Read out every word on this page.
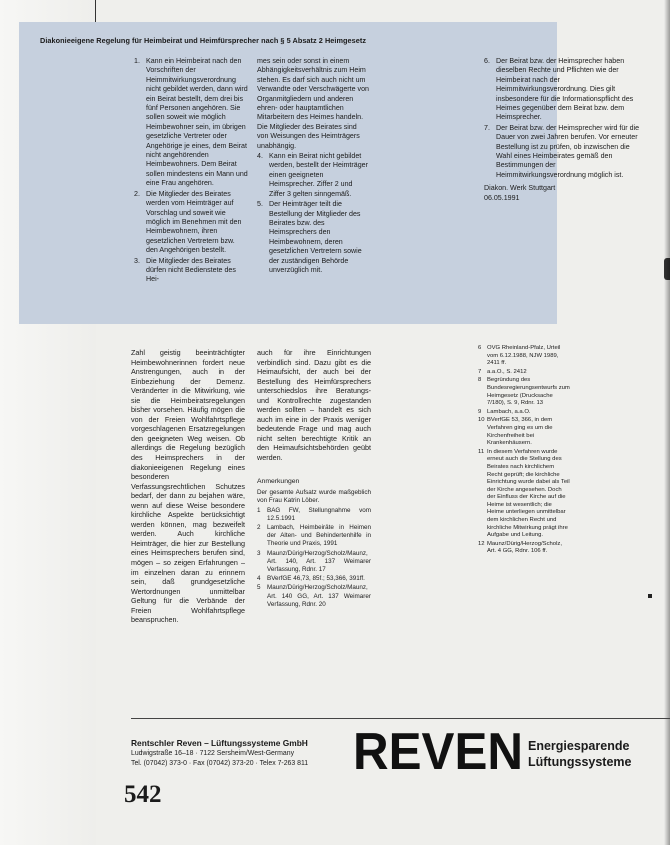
Diakonieeigene Regelung für Heimbeirat und Heimfürsprecher nach § 5 Absatz 2 Heimgesetz
1. Kann ein Heimbeirat nach den Vorschriften der Heimmitwirkungsverordnung nicht gebildet werden, dann wird ein Beirat bestellt, dem drei bis fünf Personen angehören. Sie sollen soweit wie möglich Heimbewohner sein, im übrigen gesetzliche Vertreter oder Angehörige je eines, dem Beirat nicht angehörenden Heimbewohners. Dem Beirat sollen mindestens ein Mann und eine Frau angehören.
2. Die Mitglieder des Beirates werden vom Heimträger auf Vorschlag und soweit wie möglich im Benehmen mit den Heimbewohnern, ihren gesetzlichen Vertretern bzw. den Angehörigen bestellt.
3. Die Mitglieder des Beirates dürfen nicht Bedienstete des Hei-

mes sein oder sonst in einem Abhängigkeitsverhältnis zum Heim stehen. Es darf sich auch nicht um Verwandte oder Verschwägerte von Organmitgliedern und anderen ehren- oder hauptamtlichen Mitarbeitern des Heimes handeln. Die Mitglieder des Beirates sind von Weisungen des Heimträgers unabhängig.

4. Kann ein Beirat nicht gebildet werden, bestellt der Heimträger einen geeigneten Heimsprecher. Ziffer 2 und Ziffer 3 gelten sinngemäß.
5. Der Heimträger teilt die Bestellung der Mitglieder des Beirates bzw. des Heimsprechers den Heimbewohnern, deren gesetzlichen Vertretern sowie der zuständigen Behörde unverzüglich mit.
6. Der Beirat bzw. der Heimsprecher haben dieselben Rechte und Pflichten wie der Heimbeirat nach der Heimmitwirkungsverordnung. Dies gilt insbesondere für die Informationspflicht des Heimes gegenüber dem Beirat bzw. dem Heimsprecher.
7. Der Beirat bzw. der Heimsprecher wird für die Dauer von zwei Jahren berufen. Vor erneuter Bestellung ist zu prüfen, ob inzwischen die Wahl eines Heimbeirates gemäß den Bestimmungen der Heimmitwirkungsverordnung möglich ist.
Diakon. Werk Stuttgart
06.05.1991

Zahl geistig beeinträchtigter Heimbewohnerinnen fordert neue Anstrengungen, auch in der Einbeziehung der Demenz. Veränderter in die Mitwirkung, wie sie die Heimbeiratsregelungen bisher vorsehen. Häufig mögen die von der Freien Wohlfahrtspflege vorgeschlagenen Ersatzregelungen den geeigneten Weg weisen. Ob allerdings die Regelung bezüglich des Heimsprechers in der diakonieeigenen Regelung eines besonderen Verfassungsrechtlichen Schutzes bedarf, der dann zu bejahen wäre, wenn auf diese Weise besondere kirchliche Aspekte berücksichtigt werden können, mag bezweifelt werden. Auch kirchliche Heimträger, die hier zur Bestellung eines Heimsprechers berufen sind, mögen – so zeigen Erfahrungen – im einzelnen daran zu erinnern sein, daß grundgesetzliche Wertordnungen unmittelbar Geltung für die Verbände der Freien Wohlfahrtspflege beanspruchen.

auch für ihre Einrichtungen verbindlich sind. Dazu gibt es die Heimaufsicht, der auch bei der Bestellung des Heimfürsprechers unterschiedslos ihre Beratungs- und Kontrollrechte zugestanden werden sollten – handelt es sich auch im eine in der Praxis weniger bedeutende Frage und mag auch nicht selten berechtigte Kritik an den Heimaufsichtsbehörden geübt werden.

Anmerkungen
Der gesamte Aufsatz wurde maßgeblich von Frau Katrin Löber.
1 BAG FW, Stellungnahme vom 12.5.1991
2 Lambach, Heimbeiräte in Heimen der Alten- und Behindertenhilfe in Theorie und Praxis, 1991
3 Maunz/Dürig/Herzog/Scholz/Maunz, Art. 140, Art. 137 Weimarer Verfassung, Rdnr. 17
4 BVerfGE 46,73, 85f.; 53,366, 391ff.
5 Maunz/Dürig/Herzog/Scholz/Maunz, Art. 140 GG, Art. 137 Weimarer Verfassung, Rdnr. 20
6 OVG Rheinland-Pfalz, Urteil vom 6.12.1988, NJW 1989, 2411 ff.
7 a.a.O., S. 2412
8 Begründung des Bundesregierungsentwurfs zum Heimgesetz (Drucksache 7/180), S. 9, Rdnr. 13
9 Lambach, a.a.O.
10 BVerfGE 53, 366, in dem Verfahren ging es um die Kirchenfreiheit bei Krankenhäusern.
11 In diesem Verfahren wurde erneut auch die Stellung des Beirates nach kirchlichem Recht geprüft; die kirchliche Einrichtung wurde dabei als Teil der Kirche angesehen. Doch der Einfluss der Kirche auf die Heime ist wesentlich; die Heime unterliegen unmittelbar dem kirchlichen Recht und kirchliche Mitwirkung prägt ihre Aufgabe und Leitung.
12 Maunz/Dürig/Herzog/Scholz, Art. 4 GG, Rdnr. 106 ff.
Rentschler Reven – Lüftungssysteme GmbH
Ludwigstraße 16–18 · 7122 Sersheim/West-Germany
Tel. (07042) 373-0 · Fax (07042) 373-20 · Telex 7-263 811 REVEN Energiesparende
Lüftungssysteme
542
